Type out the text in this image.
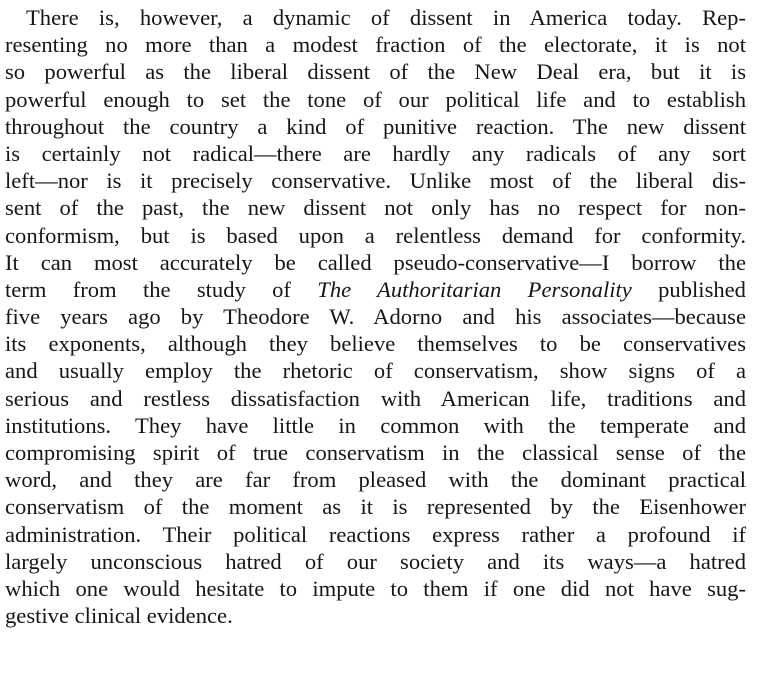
There is, however, a dynamic of dissent in America today. Rep-
resenting no more than a modest fraction of the electorate, it is not
so powerful as the liberal dissent of the New Deal era, but it is
powerful enough to set the tone of our political life and to establish
throughout the country a kind of punitive reaction. The new dissent
is certainly not radical—there are hardly any radicals of any sort
left—nor is it precisely conservative. Unlike most of the liberal dis-
sent of the past, the new dissent not only has no respect for non-
conformism, but is based upon a relentless demand for conformity.
It can most accurately be called pseudo-conservative—I borrow the
term from the study of The Authoritarian Personality published
five years ago by Theodore W. Adorno and his associates—because
its exponents, although they believe themselves to be conservatives
and usually employ the rhetoric of conservatism, show signs of a
serious and restless dissatisfaction with American life, traditions and
institutions. They have little in common with the temperate and
compromising spirit of true conservatism in the classical sense of the
word, and they are far from pleased with the dominant practical
conservatism of the moment as it is represented by the Eisenhower
administration. Their political reactions express rather a profound if
largely unconscious hatred of our society and its ways—a hatred
which one would hesitate to impute to them if one did not have sug-
gestive clinical evidence.
